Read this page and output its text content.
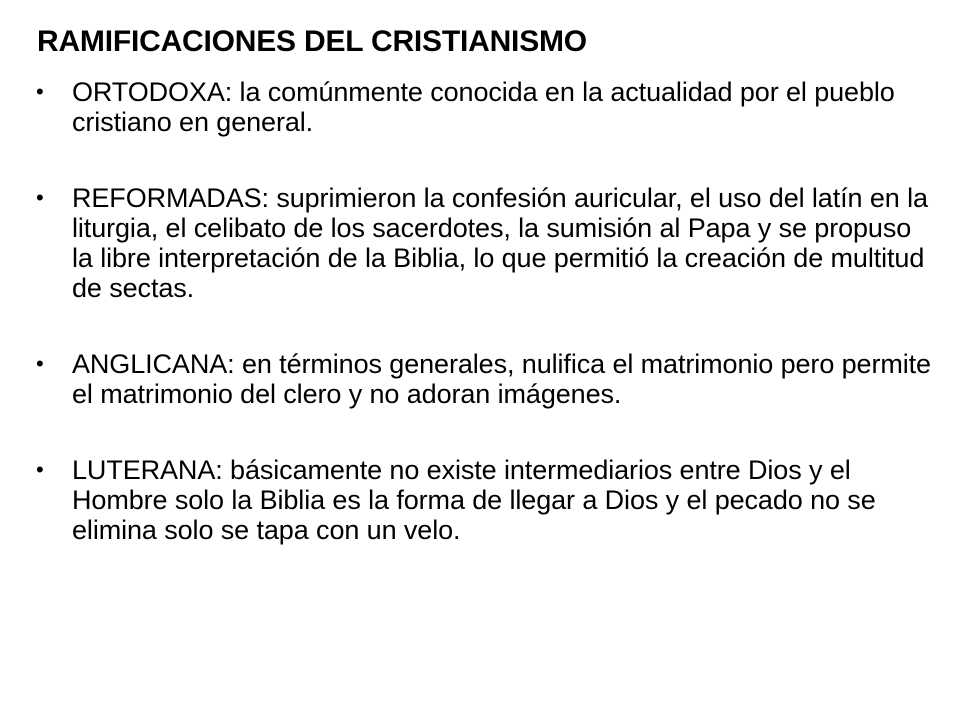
RAMIFICACIONES DEL CRISTIANISMO
• ORTODOXA: la comúnmente conocida en la actualidad por el pueblo cristiano en general.
• REFORMADAS: suprimieron la confesión auricular, el uso del latín en la liturgia, el celibato de los sacerdotes, la sumisión al Papa y se propuso la libre interpretación de la Biblia, lo que permitió la creación de multitud de sectas.
• ANGLICANA: en términos generales, nulifica el matrimonio pero permite el matrimonio del clero y no adoran imágenes.
• LUTERANA: básicamente no existe intermediarios entre Dios y el Hombre solo la Biblia es la forma de llegar a Dios y el pecado no se elimina solo se tapa con un velo.
